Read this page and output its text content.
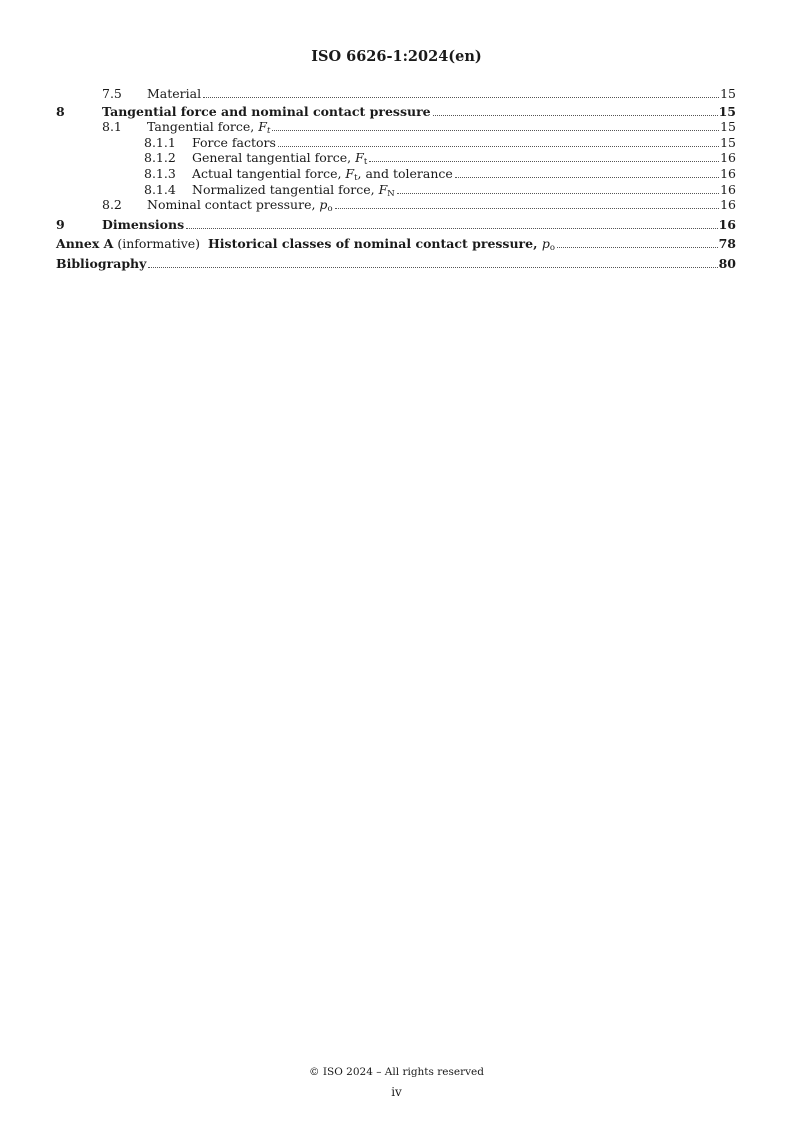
ISO 6626-1:2024(en)
7.5	Material	15
8	Tangential force and nominal contact pressure	15
8.1	Tangential force, $F_t$	15
8.1.1	Force factors	15
8.1.2	General tangential force, $F_t$	16
8.1.3	Actual tangential force, $F_t$, and tolerance	16
8.1.4	Normalized tangential force, $F_N$	16
8.2	Nominal contact pressure, $p_o$	16
9	Dimensions	16
Annex A (informative)  Historical classes of nominal contact pressure, $p_o$	78
Bibliography	80
© ISO 2024 – All rights reserved
iv
